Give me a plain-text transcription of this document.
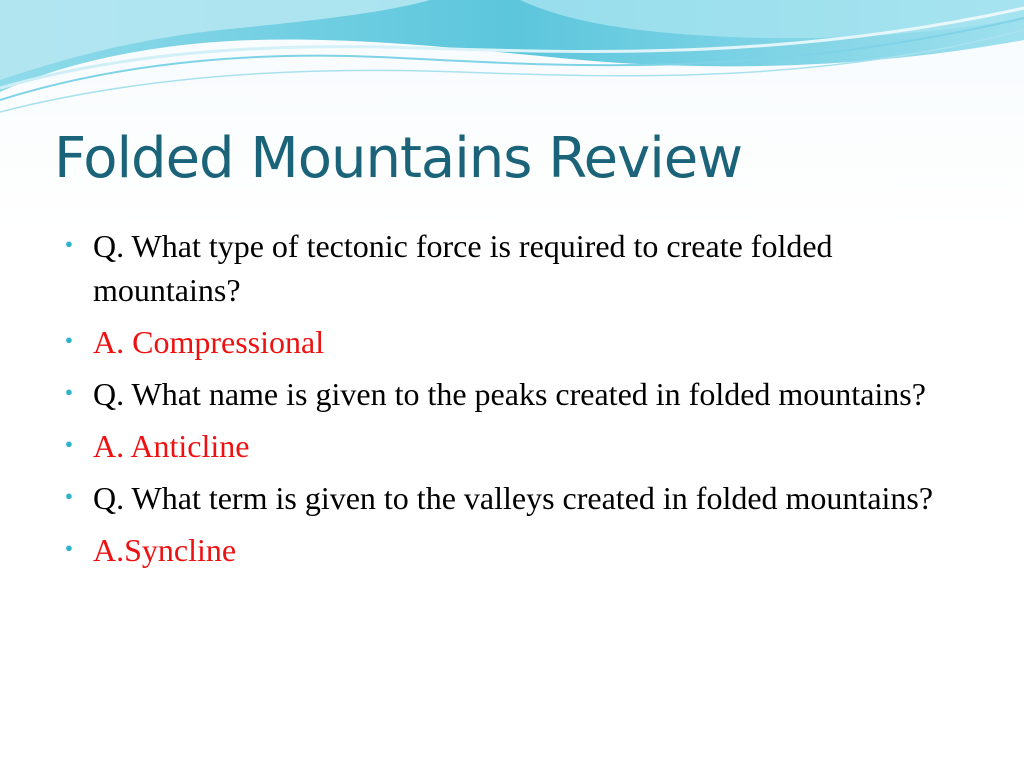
Folded Mountains Review
● Q. What type of tectonic force is required to create folded mountains?
● A. Compressional
● Q. What name is given to the peaks created in folded mountains?
● A. Anticline
● Q. What term is given to the valleys created in folded mountains?
● A.Syncline
